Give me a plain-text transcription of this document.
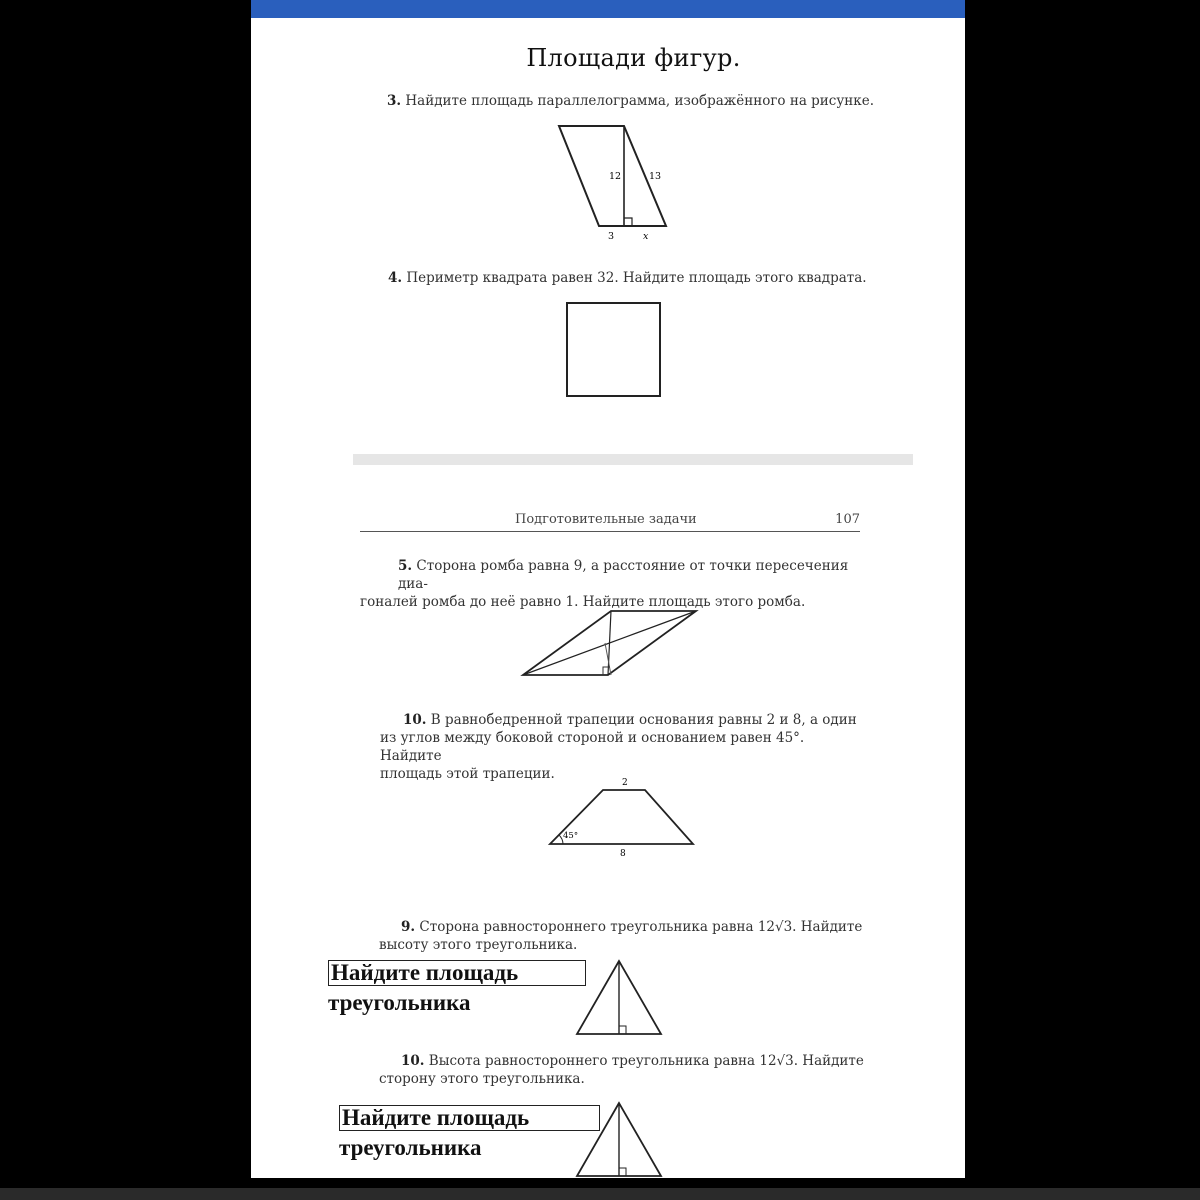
Площади фигур.
3. Найдите площадь параллелограмма, изображённого на рисунке.
12	13
3	x
4. Периметр квадрата равен 32. Найдите площадь этого квадрата.
Подготовительные задачи	107
5. Сторона ромба равна 9, а расстояние от точки пересечения диа-
гоналей ромба до неё равно 1. Найдите площадь этого ромба.
10. В равнобедренной трапеции основания равны 2 и 8, а один
из углов между боковой стороной и основанием равен 45°. Найдите
площадь этой трапеции.
2
8
45°
9. Сторона равностороннего треугольника равна 12√3. Найдите
высоту этого треугольника.
Найдите площадь
треугольника
10. Высота равностороннего треугольника равна 12√3. Найдите
сторону этого треугольника.
Найдите площадь
треугольника
